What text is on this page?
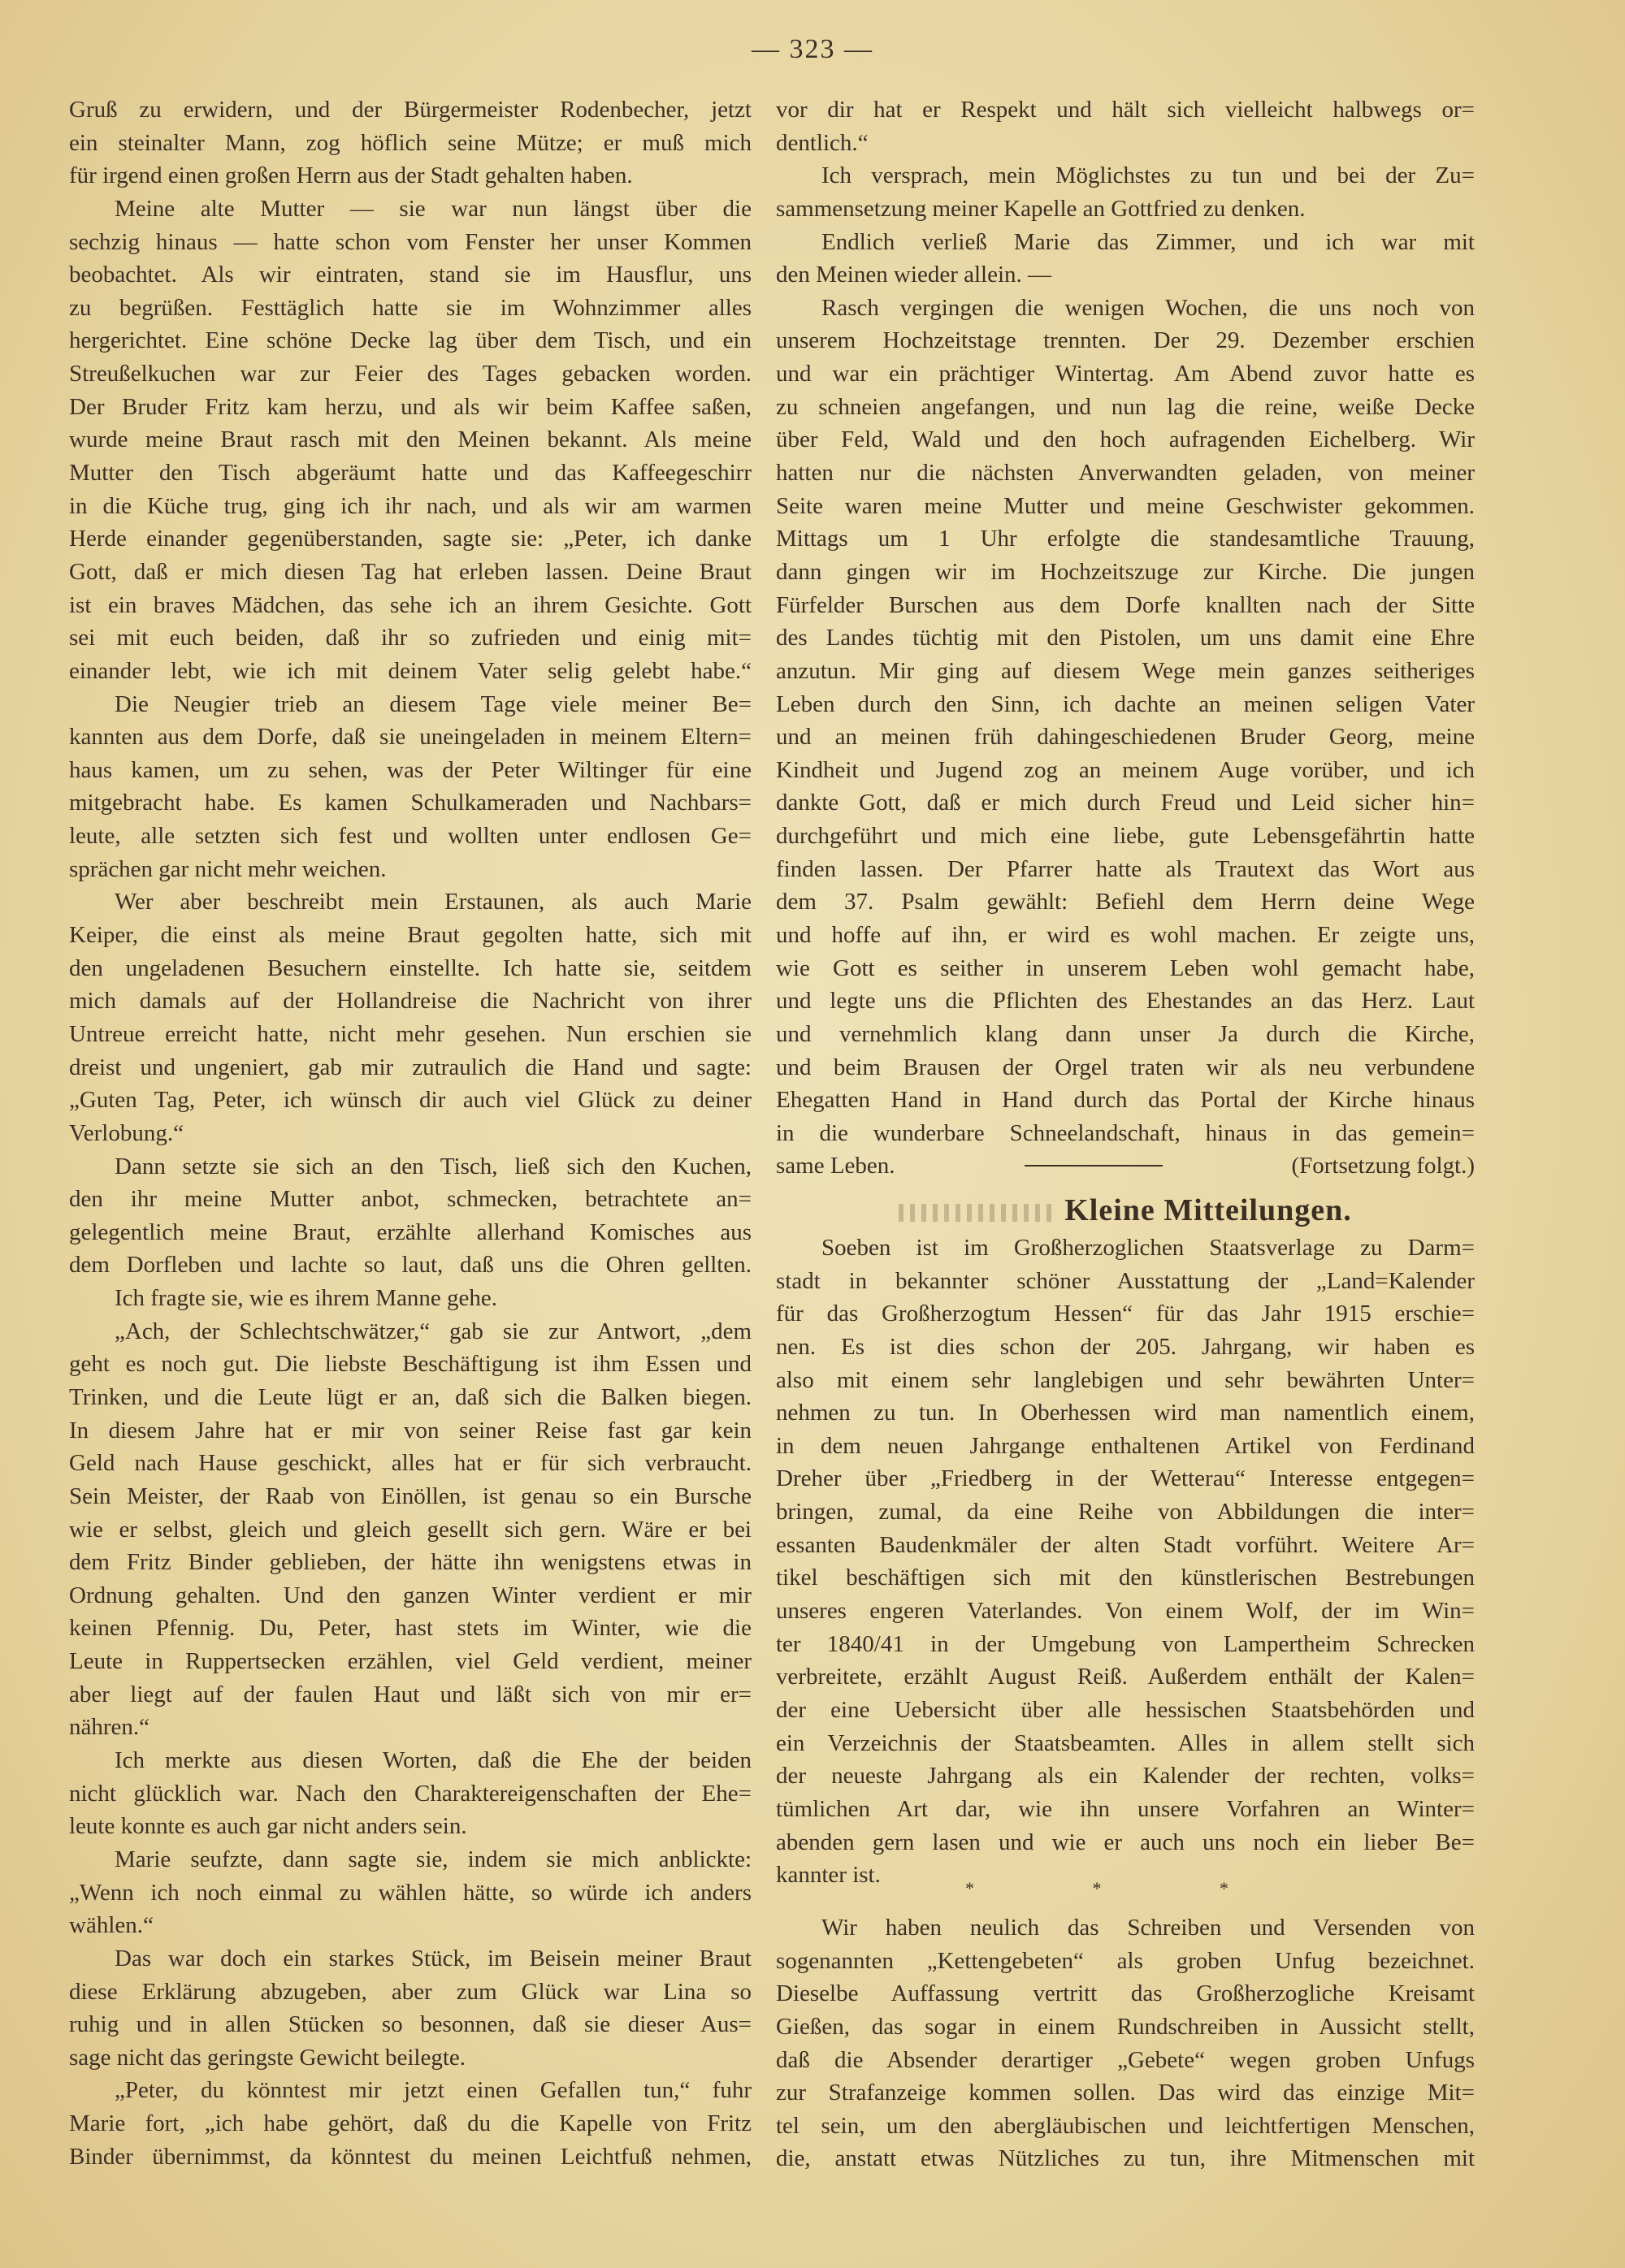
— 323 —
Gruß zu erwidern, und der Bürgermeister Rodenbecher, jetzt
ein steinalter Mann, zog höflich seine Mütze; er muß mich
für irgend einen großen Herrn aus der Stadt gehalten haben.
Meine alte Mutter — sie war nun längst über die
sechzig hinaus — hatte schon vom Fenster her unser Kommen
beobachtet. Als wir eintraten, stand sie im Hausflur, uns
zu begrüßen. Festtäglich hatte sie im Wohnzimmer alles
hergerichtet. Eine schöne Decke lag über dem Tisch, und ein
Streußelkuchen war zur Feier des Tages gebacken worden.
Der Bruder Fritz kam herzu, und als wir beim Kaffee saßen,
wurde meine Braut rasch mit den Meinen bekannt. Als meine
Mutter den Tisch abgeräumt hatte und das Kaffeegeschirr
in die Küche trug, ging ich ihr nach, und als wir am warmen
Herde einander gegenüberstanden, sagte sie: „Peter, ich danke
Gott, daß er mich diesen Tag hat erleben lassen. Deine Braut
ist ein braves Mädchen, das sehe ich an ihrem Gesichte. Gott
sei mit euch beiden, daß ihr so zufrieden und einig mit=
einander lebt, wie ich mit deinem Vater selig gelebt habe.“
Die Neugier trieb an diesem Tage viele meiner Be=
kannten aus dem Dorfe, daß sie uneingeladen in meinem Eltern=
haus kamen, um zu sehen, was der Peter Wiltinger für eine
mitgebracht habe. Es kamen Schulkameraden und Nachbars=
leute, alle setzten sich fest und wollten unter endlosen Ge=
sprächen gar nicht mehr weichen.
Wer aber beschreibt mein Erstaunen, als auch Marie
Keiper, die einst als meine Braut gegolten hatte, sich mit
den ungeladenen Besuchern einstellte. Ich hatte sie, seitdem
mich damals auf der Hollandreise die Nachricht von ihrer
Untreue erreicht hatte, nicht mehr gesehen. Nun erschien sie
dreist und ungeniert, gab mir zutraulich die Hand und sagte:
„Guten Tag, Peter, ich wünsch dir auch viel Glück zu deiner
Verlobung.“
Dann setzte sie sich an den Tisch, ließ sich den Kuchen,
den ihr meine Mutter anbot, schmecken, betrachtete an=
gelegentlich meine Braut, erzählte allerhand Komisches aus
dem Dorfleben und lachte so laut, daß uns die Ohren gellten.
Ich fragte sie, wie es ihrem Manne gehe.
„Ach, der Schlechtschwätzer,“ gab sie zur Antwort, „dem
geht es noch gut. Die liebste Beschäftigung ist ihm Essen und
Trinken, und die Leute lügt er an, daß sich die Balken biegen.
In diesem Jahre hat er mir von seiner Reise fast gar kein
Geld nach Hause geschickt, alles hat er für sich verbraucht.
Sein Meister, der Raab von Einöllen, ist genau so ein Bursche
wie er selbst, gleich und gleich gesellt sich gern. Wäre er bei
dem Fritz Binder geblieben, der hätte ihn wenigstens etwas in
Ordnung gehalten. Und den ganzen Winter verdient er mir
keinen Pfennig. Du, Peter, hast stets im Winter, wie die
Leute in Ruppertsecken erzählen, viel Geld verdient, meiner
aber liegt auf der faulen Haut und läßt sich von mir er=
nähren.“
Ich merkte aus diesen Worten, daß die Ehe der beiden
nicht glücklich war. Nach den Charaktereigenschaften der Ehe=
leute konnte es auch gar nicht anders sein.
Marie seufzte, dann sagte sie, indem sie mich anblickte:
„Wenn ich noch einmal zu wählen hätte, so würde ich anders
wählen.“
Das war doch ein starkes Stück, im Beisein meiner Braut
diese Erklärung abzugeben, aber zum Glück war Lina so
ruhig und in allen Stücken so besonnen, daß sie dieser Aus=
sage nicht das geringste Gewicht beilegte.
„Peter, du könntest mir jetzt einen Gefallen tun,“ fuhr
Marie fort, „ich habe gehört, daß du die Kapelle von Fritz
Binder übernimmst, da könntest du meinen Leichtfuß nehmen,
vor dir hat er Respekt und hält sich vielleicht halbwegs or=
dentlich.“
Ich versprach, mein Möglichstes zu tun und bei der Zu=
sammensetzung meiner Kapelle an Gottfried zu denken.
Endlich verließ Marie das Zimmer, und ich war mit
den Meinen wieder allein. —
Rasch vergingen die wenigen Wochen, die uns noch von
unserem Hochzeitstage trennten. Der 29. Dezember erschien
und war ein prächtiger Wintertag. Am Abend zuvor hatte es
zu schneien angefangen, und nun lag die reine, weiße Decke
über Feld, Wald und den hoch aufragenden Eichelberg. Wir
hatten nur die nächsten Anverwandten geladen, von meiner
Seite waren meine Mutter und meine Geschwister gekommen.
Mittags um 1 Uhr erfolgte die standesamtliche Trauung,
dann gingen wir im Hochzeitszuge zur Kirche. Die jungen
Fürfelder Burschen aus dem Dorfe knallten nach der Sitte
des Landes tüchtig mit den Pistolen, um uns damit eine Ehre
anzutun. Mir ging auf diesem Wege mein ganzes seitheriges
Leben durch den Sinn, ich dachte an meinen seligen Vater
und an meinen früh dahingeschiedenen Bruder Georg, meine
Kindheit und Jugend zog an meinem Auge vorüber, und ich
dankte Gott, daß er mich durch Freud und Leid sicher hin=
durchgeführt und mich eine liebe, gute Lebensgefährtin hatte
finden lassen. Der Pfarrer hatte als Trautext das Wort aus
dem 37. Psalm gewählt: Befiehl dem Herrn deine Wege
und hoffe auf ihn, er wird es wohl machen. Er zeigte uns,
wie Gott es seither in unserem Leben wohl gemacht habe,
und legte uns die Pflichten des Ehestandes an das Herz. Laut
und vernehmlich klang dann unser Ja durch die Kirche,
und beim Brausen der Orgel traten wir als neu verbundene
Ehegatten Hand in Hand durch das Portal der Kirche hinaus
in die wunderbare Schneelandschaft, hinaus in das gemein=
same Leben.	(Fortsetzung folgt.)
Kleine Mitteilungen.
Soeben ist im Großherzoglichen Staatsverlage zu Darm=
stadt in bekannter schöner Ausstattung der „Land=Kalender
für das Großherzogtum Hessen“ für das Jahr 1915 erschie=
nen. Es ist dies schon der 205. Jahrgang, wir haben es
also mit einem sehr langlebigen und sehr bewährten Unter=
nehmen zu tun. In Oberhessen wird man namentlich einem,
in dem neuen Jahrgange enthaltenen Artikel von Ferdinand
Dreher über „Friedberg in der Wetterau“ Interesse entgegen=
bringen, zumal, da eine Reihe von Abbildungen die inter=
essanten Baudenkmäler der alten Stadt vorführt. Weitere Ar=
tikel beschäftigen sich mit den künstlerischen Bestrebungen
unseres engeren Vaterlandes. Von einem Wolf, der im Win=
ter 1840/41 in der Umgebung von Lampertheim Schrecken
verbreitete, erzählt August Reiß. Außerdem enthält der Kalen=
der eine Uebersicht über alle hessischen Staatsbehörden und
ein Verzeichnis der Staatsbeamten. Alles in allem stellt sich
der neueste Jahrgang als ein Kalender der rechten, volks=
tümlichen Art dar, wie ihn unsere Vorfahren an Winter=
abenden gern lasen und wie er auch uns noch ein lieber Be=
kannter ist.
* * *
Wir haben neulich das Schreiben und Versenden von
sogenannten „Kettengebeten“ als groben Unfug bezeichnet.
Dieselbe Auffassung vertritt das Großherzogliche Kreisamt
Gießen, das sogar in einem Rundschreiben in Aussicht stellt,
daß die Absender derartiger „Gebete“ wegen groben Unfugs
zur Strafanzeige kommen sollen. Das wird das einzige Mit=
tel sein, um den abergläubischen und leichtfertigen Menschen,
die, anstatt etwas Nützliches zu tun, ihre Mitmenschen mit
